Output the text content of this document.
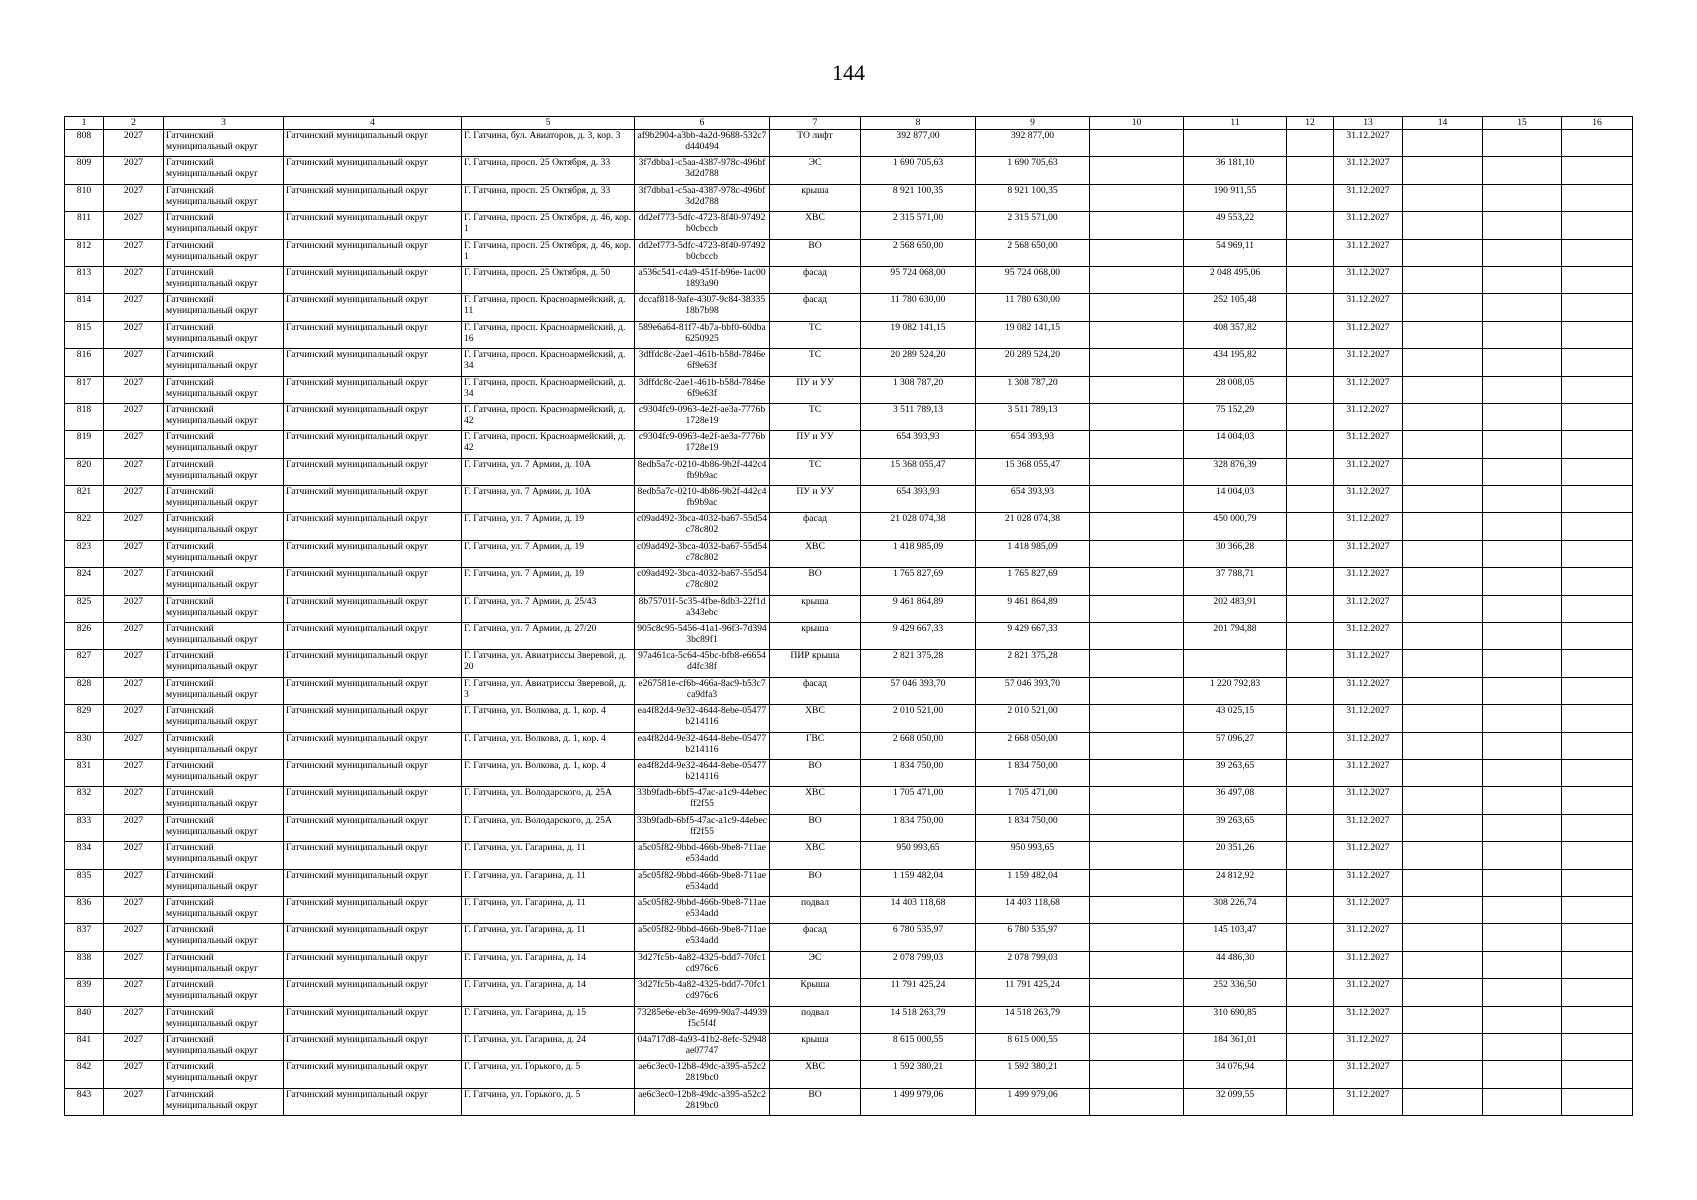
144
1	2	3	4	5	6	7	8	9	10	11	12	13	14	15	16
808	2027	Гатчинский муниципальный округ	Гатчинский муниципальный округ	Г. Гатчина, бул. Авиаторов, д. 3, кор. 3	af9b2904-a3bb-4a2d-9688-532c7d440494	ТО лифт	392 877,00	392 877,00				31.12.2027			
809	2027	Гатчинский муниципальный округ	Гатчинский муниципальный округ	Г. Гатчина, просп. 25 Октября, д. 33	3f7dbba1-c5aa-4387-978c-496bf3d2d788	ЭС	1 690 705,63	1 690 705,63		36 181,10		31.12.2027			
810	2027	Гатчинский муниципальный округ	Гатчинский муниципальный округ	Г. Гатчина, просп. 25 Октября, д. 33	3f7dbba1-c5aa-4387-978c-496bf3d2d788	крыша	8 921 100,35	8 921 100,35		190 911,55		31.12.2027			
811	2027	Гатчинский муниципальный округ	Гатчинский муниципальный округ	Г. Гатчина, просп. 25 Октября, д. 46, кор. 1	dd2ef773-5dfc-4723-8f40-97492b0cbccb	ХВС	2 315 571,00	2 315 571,00		49 553,22		31.12.2027			
812	2027	Гатчинский муниципальный округ	Гатчинский муниципальный округ	Г. Гатчина, просп. 25 Октября, д. 46, кор. 1	dd2ef773-5dfc-4723-8f40-97492b0cbccb	ВО	2 568 650,00	2 568 650,00		54 969,11		31.12.2027			
813	2027	Гатчинский муниципальный округ	Гатчинский муниципальный округ	Г. Гатчина, просп. 25 Октября, д. 50	a536c541-c4a9-451f-b96e-1ac001893a90	фасад	95 724 068,00	95 724 068,00		2 048 495,06		31.12.2027			
814	2027	Гатчинский муниципальный округ	Гатчинский муниципальный округ	Г. Гатчина, просп. Красноармейский, д. 11	dccaf818-9afe-4307-9c84-3833518b7b98	фасад	11 780 630,00	11 780 630,00		252 105,48		31.12.2027			
815	2027	Гатчинский муниципальный округ	Гатчинский муниципальный округ	Г. Гатчина, просп. Красноармейский, д. 16	589e6a64-81f7-4b7a-bbf0-60dba6250925	ТС	19 082 141,15	19 082 141,15		408 357,82		31.12.2027			
816	2027	Гатчинский муниципальный округ	Гатчинский муниципальный округ	Г. Гатчина, просп. Красноармейский, д. 34	3dffdc8c-2ae1-461b-b58d-7846e6f9e63f	ТС	20 289 524,20	20 289 524,20		434 195,82		31.12.2027			
817	2027	Гатчинский муниципальный округ	Гатчинский муниципальный округ	Г. Гатчина, просп. Красноармейский, д. 34	3dffdc8c-2ae1-461b-b58d-7846e6f9e63f	ПУ и УУ	1 308 787,20	1 308 787,20		28 008,05		31.12.2027			
818	2027	Гатчинский муниципальный округ	Гатчинский муниципальный округ	Г. Гатчина, просп. Красноармейский, д. 42	c9304fc9-0963-4e2f-ae3a-7776b1728e19	ТС	3 511 789,13	3 511 789,13		75 152,29		31.12.2027			
819	2027	Гатчинский муниципальный округ	Гатчинский муниципальный округ	Г. Гатчина, просп. Красноармейский, д. 42	c9304fc9-0963-4e2f-ae3a-7776b1728e19	ПУ и УУ	654 393,93	654 393,93		14 004,03		31.12.2027			
820	2027	Гатчинский муниципальный округ	Гатчинский муниципальный округ	Г. Гатчина, ул. 7 Армии, д. 10А	8edb5a7c-0210-4b86-9b2f-442c4fb9b9ac	ТС	15 368 055,47	15 368 055,47		328 876,39		31.12.2027			
821	2027	Гатчинский муниципальный округ	Гатчинский муниципальный округ	Г. Гатчина, ул. 7 Армии, д. 10А	8edb5a7c-0210-4b86-9b2f-442c4fb9b9ac	ПУ и УУ	654 393,93	654 393,93		14 004,03		31.12.2027			
822	2027	Гатчинский муниципальный округ	Гатчинский муниципальный округ	Г. Гатчина, ул. 7 Армии, д. 19	c09ad492-3bca-4032-ba67-55d54c78c802	фасад	21 028 074,38	21 028 074,38		450 000,79		31.12.2027			
823	2027	Гатчинский муниципальный округ	Гатчинский муниципальный округ	Г. Гатчина, ул. 7 Армии, д. 19	c09ad492-3bca-4032-ba67-55d54c78c802	ХВС	1 418 985,09	1 418 985,09		30 366,28		31.12.2027			
824	2027	Гатчинский муниципальный округ	Гатчинский муниципальный округ	Г. Гатчина, ул. 7 Армии, д. 19	c09ad492-3bca-4032-ba67-55d54c78c802	ВО	1 765 827,69	1 765 827,69		37 788,71		31.12.2027			
825	2027	Гатчинский муниципальный округ	Гатчинский муниципальный округ	Г. Гатчина, ул. 7 Армии, д. 25/43	8b75701f-5c35-4fbe-8db3-22f1da343ebc	крыша	9 461 864,89	9 461 864,89		202 483,91		31.12.2027			
826	2027	Гатчинский муниципальный округ	Гатчинский муниципальный округ	Г. Гатчина, ул. 7 Армии, д. 27/20	905c8c95-5456-41a1-96f3-7d3943bc89f1	крыша	9 429 667,33	9 429 667,33		201 794,88		31.12.2027			
827	2027	Гатчинский муниципальный округ	Гатчинский муниципальный округ	Г. Гатчина, ул. Авиатриссы Зверевой, д. 20	97a461ca-5c64-45bc-bfb8-e6654d4fc38f	ПИР крыша	2 821 375,28	2 821 375,28				31.12.2027			
828	2027	Гатчинский муниципальный округ	Гатчинский муниципальный округ	Г. Гатчина, ул. Авиатриссы Зверевой, д. 3	e267581e-cf6b-466a-8ac9-b53c7ca9dfa3	фасад	57 046 393,70	57 046 393,70		1 220 792,83		31.12.2027			
829	2027	Гатчинский муниципальный округ	Гатчинский муниципальный округ	Г. Гатчина, ул. Волкова, д. 1, кор. 4	ea4f82d4-9e32-4644-8ebe-05477b214116	ХВС	2 010 521,00	2 010 521,00		43 025,15		31.12.2027			
830	2027	Гатчинский муниципальный округ	Гатчинский муниципальный округ	Г. Гатчина, ул. Волкова, д. 1, кор. 4	ea4f82d4-9e32-4644-8ebe-05477b214116	ГВС	2 668 050,00	2 668 050,00		57 096,27		31.12.2027			
831	2027	Гатчинский муниципальный округ	Гатчинский муниципальный округ	Г. Гатчина, ул. Волкова, д. 1, кор. 4	ea4f82d4-9e32-4644-8ebe-05477b214116	ВО	1 834 750,00	1 834 750,00		39 263,65		31.12.2027			
832	2027	Гатчинский муниципальный округ	Гатчинский муниципальный округ	Г. Гатчина, ул. Володарского, д. 25А	33b9fadb-6bf5-47ac-a1c9-44ebecff2f55	ХВС	1 705 471,00	1 705 471,00		36 497,08		31.12.2027			
833	2027	Гатчинский муниципальный округ	Гатчинский муниципальный округ	Г. Гатчина, ул. Володарского, д. 25А	33b9fadb-6bf5-47ac-a1c9-44ebecff2f55	ВО	1 834 750,00	1 834 750,00		39 263,65		31.12.2027			
834	2027	Гатчинский муниципальный округ	Гатчинский муниципальный округ	Г. Гатчина, ул. Гагарина, д. 11	a5c05f82-9bbd-466b-9be8-711aee534add	ХВС	950 993,65	950 993,65		20 351,26		31.12.2027			
835	2027	Гатчинский муниципальный округ	Гатчинский муниципальный округ	Г. Гатчина, ул. Гагарина, д. 11	a5c05f82-9bbd-466b-9be8-711aee534add	ВО	1 159 482,04	1 159 482,04		24 812,92		31.12.2027			
836	2027	Гатчинский муниципальный округ	Гатчинский муниципальный округ	Г. Гатчина, ул. Гагарина, д. 11	a5c05f82-9bbd-466b-9be8-711aee534add	подвал	14 403 118,68	14 403 118,68		308 226,74		31.12.2027			
837	2027	Гатчинский муниципальный округ	Гатчинский муниципальный округ	Г. Гатчина, ул. Гагарина, д. 11	a5c05f82-9bbd-466b-9be8-711aee534add	фасад	6 780 535,97	6 780 535,97		145 103,47		31.12.2027			
838	2027	Гатчинский муниципальный округ	Гатчинский муниципальный округ	Г. Гатчина, ул. Гагарина, д. 14	3d27fc5b-4a82-4325-bdd7-70fc1cd976c6	ЭС	2 078 799,03	2 078 799,03		44 486,30		31.12.2027			
839	2027	Гатчинский муниципальный округ	Гатчинский муниципальный округ	Г. Гатчина, ул. Гагарина, д. 14	3d27fc5b-4a82-4325-bdd7-70fc1cd976c6	Крыша	11 791 425,24	11 791 425,24		252 336,50		31.12.2027			
840	2027	Гатчинский муниципальный округ	Гатчинский муниципальный округ	Г. Гатчина, ул. Гагарина, д. 15	73285e6e-eb3e-4699-90a7-44939f5c5f4f	подвал	14 518 263,79	14 518 263,79		310 690,85		31.12.2027			
841	2027	Гатчинский муниципальный округ	Гатчинский муниципальный округ	Г. Гатчина, ул. Гагарина, д. 24	04a717d8-4a93-41b2-8efc-52948ae07747	крыша	8 615 000,55	8 615 000,55		184 361,01		31.12.2027			
842	2027	Гатчинский муниципальный округ	Гатчинский муниципальный округ	Г. Гатчина, ул. Горького, д. 5	ae6c3ec0-12b8-49dc-a395-a52c22819bc0	ХВС	1 592 380,21	1 592 380,21		34 076,94		31.12.2027			
843	2027	Гатчинский муниципальный округ	Гатчинский муниципальный округ	Г. Гатчина, ул. Горького, д. 5	ae6c3ec0-12b8-49dc-a395-a52c22819bc0	ВО	1 499 979,06	1 499 979,06		32 099,55		31.12.2027			
